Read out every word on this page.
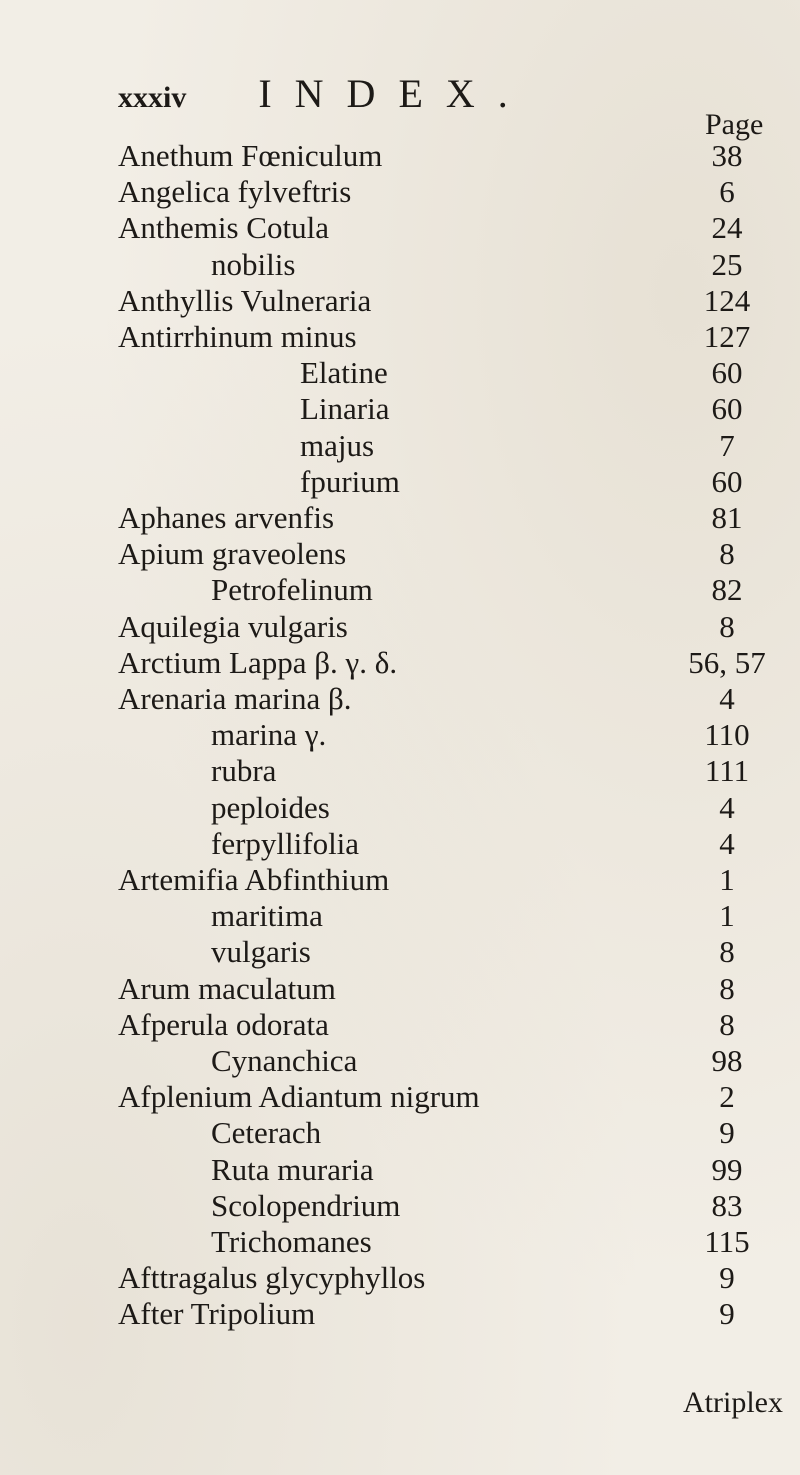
xxxiv INDEX.
Page
Anethum Fœniculum	38
Angelica fylveftris	6
Anthemis Cotula	24
nobilis	25
Anthyllis Vulneraria	124
Antirrhinum minus	127
Elatine	60
Linaria	60
majus	7
fpurium	60
Aphanes arvenfis	81
Apium graveolens	8
Petrofelinum	82
Aquilegia vulgaris	8
Arctium Lappa β. γ. δ.	56, 57
Arenaria marina β.	4
marina γ.	110
rubra	111
peploides	4
ferpyllifolia	4
Artemifia Abfinthium	1
maritima	1
vulgaris	8
Arum maculatum	8
Afperula odorata	8
Cynanchica	98
Afplenium Adiantum nigrum	2
Ceterach	9
Ruta muraria	99
Scolopendrium	83
Trichomanes	115
Afttragalus glycyphyllos	9
After Tripolium	9
Atriplex
